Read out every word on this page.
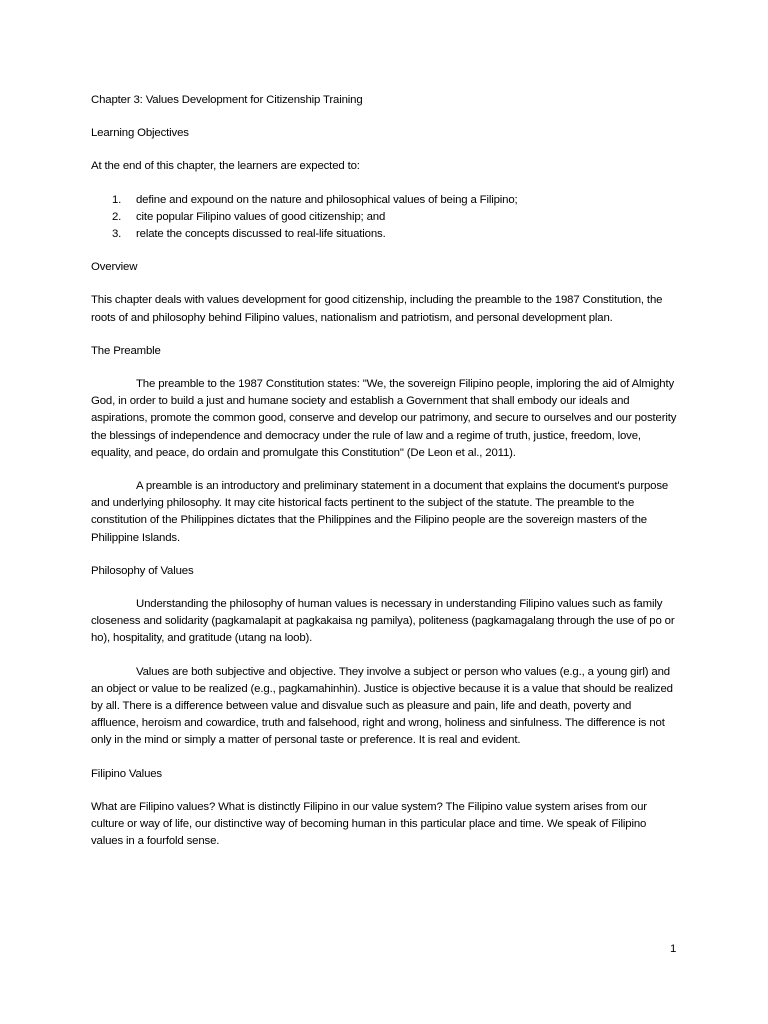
Chapter 3: Values Development for Citizenship Training

Learning Objectives

At the end of this chapter, the learners are expected to:

1. define and expound on the nature and philosophical values of being a Filipino;
2. cite popular Filipino values of good citizenship; and
3. relate the concepts discussed to real-life situations.

Overview

This chapter deals with values development for good citizenship, including the preamble to the 1987 Constitution, the roots of and philosophy behind Filipino values, nationalism and patriotism, and personal development plan.

The Preamble

The preamble to the 1987 Constitution states: "We, the sovereign Filipino people, imploring the aid of Almighty God, in order to build a just and humane society and establish a Government that shall embody our ideals and aspirations, promote the common good, conserve and develop our patrimony, and secure to ourselves and our posterity the blessings of independence and democracy under the rule of law and a regime of truth, justice, freedom, love, equality, and peace, do ordain and promulgate this Constitution" (De Leon et al., 2011).

A preamble is an introductory and preliminary statement in a document that explains the document's purpose and underlying philosophy. It may cite historical facts pertinent to the subject of the statute. The preamble to the constitution of the Philippines dictates that the Philippines and the Filipino people are the sovereign masters of the Philippine Islands.

Philosophy of Values

Understanding the philosophy of human values is necessary in understanding Filipino values such as family closeness and solidarity (pagkamalapit at pagkakaisa ng pamilya), politeness (pagkamagalang through the use of po or ho), hospitality, and gratitude (utang na loob).

Values are both subjective and objective. They involve a subject or person who values (e.g., a young girl) and an object or value to be realized (e.g., pagkamahinhin). Justice is objective because it is a value that should be realized by all. There is a difference between value and disvalue such as pleasure and pain, life and death, poverty and affluence, heroism and cowardice, truth and falsehood, right and wrong, holiness and sinfulness. The difference is not only in the mind or simply a matter of personal taste or preference. It is real and evident.

Filipino Values

What are Filipino values? What is distinctly Filipino in our value system? The Filipino value system arises from our culture or way of life, our distinctive way of becoming human in this particular place and time. We speak of Filipino values in a fourfold sense.

1
